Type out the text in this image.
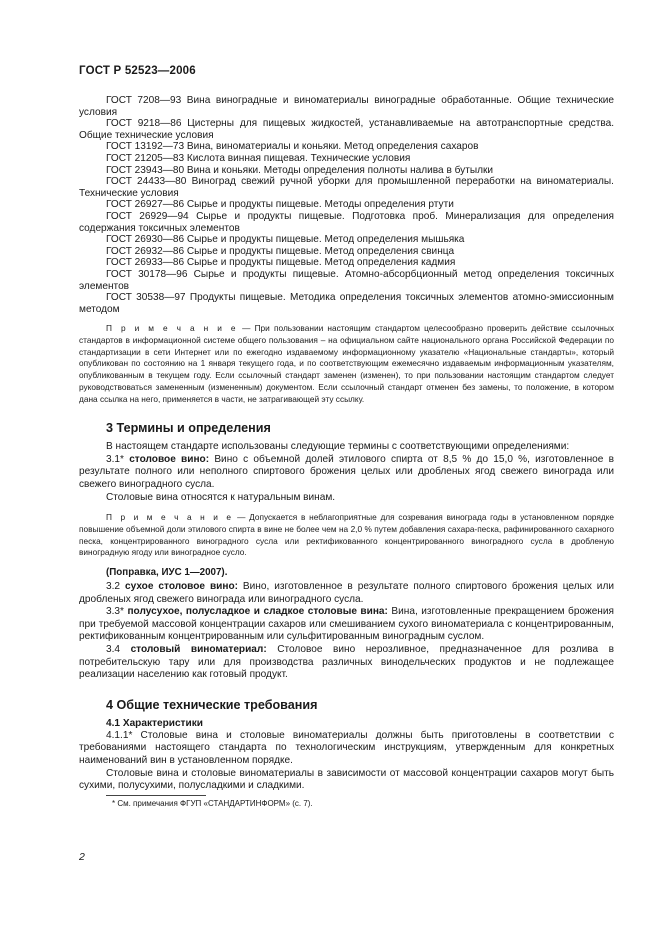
ГОСТ Р 52523—2006

ГОСТ 7208—93 Вина виноградные и виноматериалы виноградные обработанные. Общие технические условия

ГОСТ 9218—86 Цистерны для пищевых жидкостей, устанавливаемые на автотранспортные средства. Общие технические условия

ГОСТ 13192—73 Вина, виноматериалы и коньяки. Метод определения сахаров

ГОСТ 21205—83 Кислота винная пищевая. Технические условия

ГОСТ 23943—80 Вина и коньяки. Методы определения полноты налива в бутылки

ГОСТ 24433—80 Виноград свежий ручной уборки для промышленной переработки на виноматериалы. Технические условия

ГОСТ 26927—86 Сырье и продукты пищевые. Методы определения ртути

ГОСТ 26929—94 Сырье и продукты пищевые. Подготовка проб. Минерализация для определения содержания токсичных элементов

ГОСТ 26930—86 Сырье и продукты пищевые. Метод определения мышьяка

ГОСТ 26932—86 Сырье и продукты пищевые. Метод определения свинца

ГОСТ 26933—86 Сырье и продукты пищевые. Метод определения кадмия

ГОСТ 30178—96 Сырье и продукты пищевые. Атомно-абсорбционный метод определения токсичных элементов

ГОСТ 30538—97 Продукты пищевые. Методика определения токсичных элементов атомно-эмиссионным методом

П р и м е ч а н и е — При пользовании настоящим стандартом целесообразно проверить действие ссылочных стандартов в информационной системе общего пользования – на официальном сайте национального органа Российской Федерации по стандартизации в сети Интернет или по ежегодно издаваемому информационному указателю «Национальные стандарты», который опубликован по состоянию на 1 января текущего года, и по соответствующим ежемесячно издаваемым информационным указателям, опубликованным в текущем году. Если ссылочный стандарт заменен (изменен), то при пользовании настоящим стандартом следует руководствоваться замененным (измененным) документом. Если ссылочный стандарт отменен без замены, то положение, в котором дана ссылка на него, применяется в части, не затрагивающей эту ссылку.

3 Термины и определения

В настоящем стандарте использованы следующие термины с соответствующими определениями:

3.1* столовое вино: Вино с объемной долей этилового спирта от 8,5 % до 15,0 %, изготовленное в результате полного или неполного спиртового брожения целых или дробленых ягод свежего винограда или свежего виноградного сусла.

Столовые вина относятся к натуральным винам.

П р и м е ч а н и е — Допускается в неблагоприятные для созревания винограда годы в установленном порядке повышение объемной доли этилового спирта в вине не более чем на 2,0 % путем добавления сахара-песка, рафинированного сахарного песка, концентрированного виноградного сусла или ректификованного концентрированного виноградного сусла в дробленую виноградную ягоду или виноградное сусло.

(Поправка, ИУС 1—2007).

3.2 сухое столовое вино: Вино, изготовленное в результате полного спиртового брожения целых или дробленых ягод свежего винограда или виноградного сусла.

3.3* полусухое, полусладкое и сладкое столовые вина: Вина, изготовленные прекращением брожения при требуемой массовой концентрации сахаров или смешиванием сухого виноматериала с концентрированным, ректификованным концентрированным или сульфитированным виноградным суслом.

3.4 столовый виноматериал: Столовое вино нерозливное, предназначенное для розлива в потребительскую тару или для производства различных винодельческих продуктов и не подлежащее реализации населению как готовый продукт.

4 Общие технические требования
4.1 Характеристики

4.1.1* Столовые вина и столовые виноматериалы должны быть приготовлены в соответствии с требованиями настоящего стандарта по технологическим инструкциям, утвержденным для конкретных наименований вин в установленном порядке.

Столовые вина и столовые виноматериалы в зависимости от массовой концентрации сахаров могут быть сухими, полусухими, полусладкими и сладкими.

* См. примечания ФГУП «СТАНДАРТИНФОРМ» (с. 7).
2
